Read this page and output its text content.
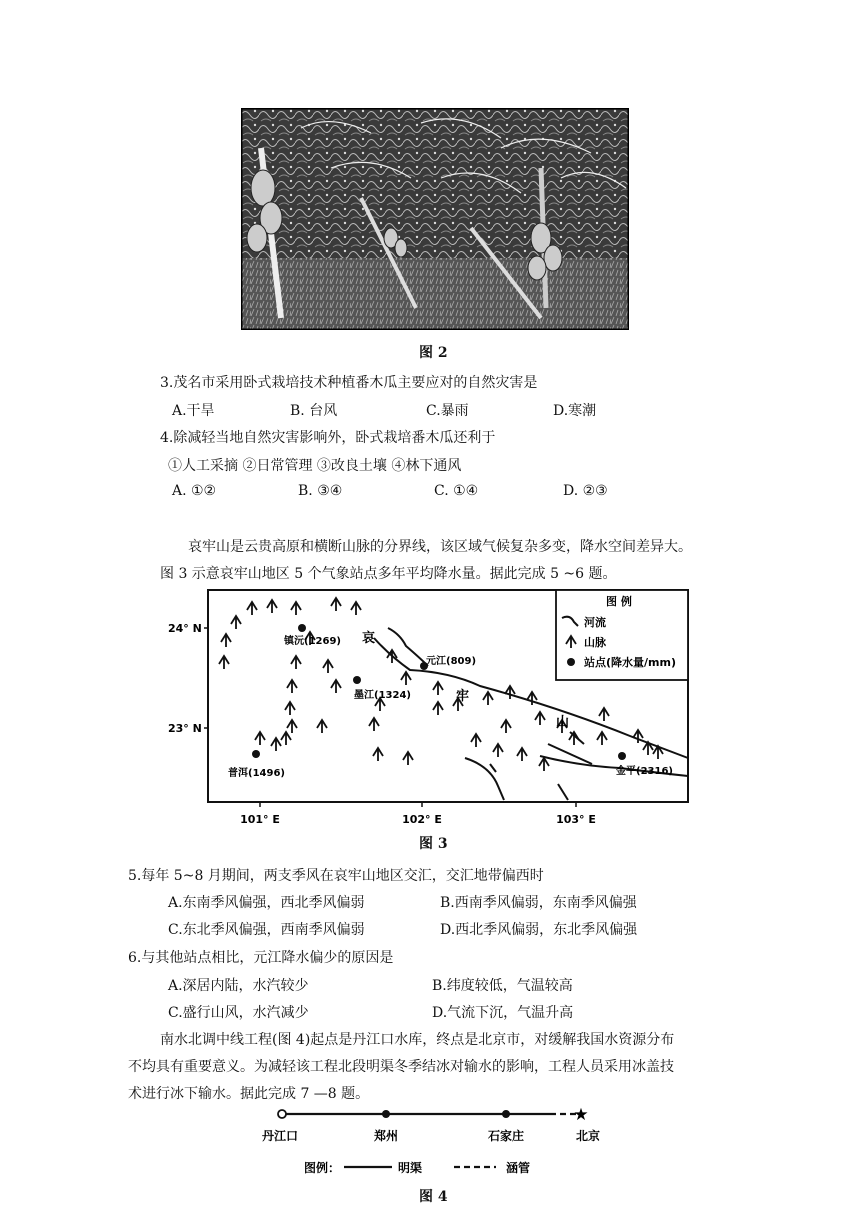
图 2
3.茂名市采用卧式栽培技术种植番木瓜主要应对的自然灾害是
A.干旱	B. 台风	C.暴雨	D.寒潮
4.除减轻当地自然灾害影响外，卧式栽培番木瓜还利于
①人工采摘 ②日常管理 ③改良土壤 ④林下通风
A. ①②	B. ③④	C. ①④	D. ②③
哀牢山是云贵高原和横断山脉的分界线，该区域气候复杂多变，降水空间差异大。
图 3 示意哀牢山地区 5 个气象站点多年平均降水量。据此完成 5 ~6 题。
24° N
23° N
101° E	102° E	103° E
哀
牢
山
镇沅(1269)
元江(809)
墨江(1324)
普洱(1496)	金平(2316)
图 例
河流
山脉
站点(降水量/mm)
图 3
5.每年 5~8 月期间，两支季风在哀牢山地区交汇，交汇地带偏西时
A.东南季风偏强，西北季风偏弱	B.西南季风偏弱，东南季风偏强
C.东北季风偏强，西南季风偏弱	D.西北季风偏弱，东北季风偏强
6.与其他站点相比，元江降水偏少的原因是
A.深居内陆，水汽较少	B.纬度较低，气温较高
C.盛行山风，水汽减少	D.气流下沉，气温升高
南水北调中线工程(图 4)起点是丹江口水库，终点是北京市，对缓解我国水资源分布
不均具有重要意义。为减轻该工程北段明渠冬季结冰对输水的影响，工程人员采用冰盖技
术进行冰下输水。据此完成 7 —8 题。
★
丹江口	郑州	石家庄	北京
图例：	明渠	涵管
图 4
